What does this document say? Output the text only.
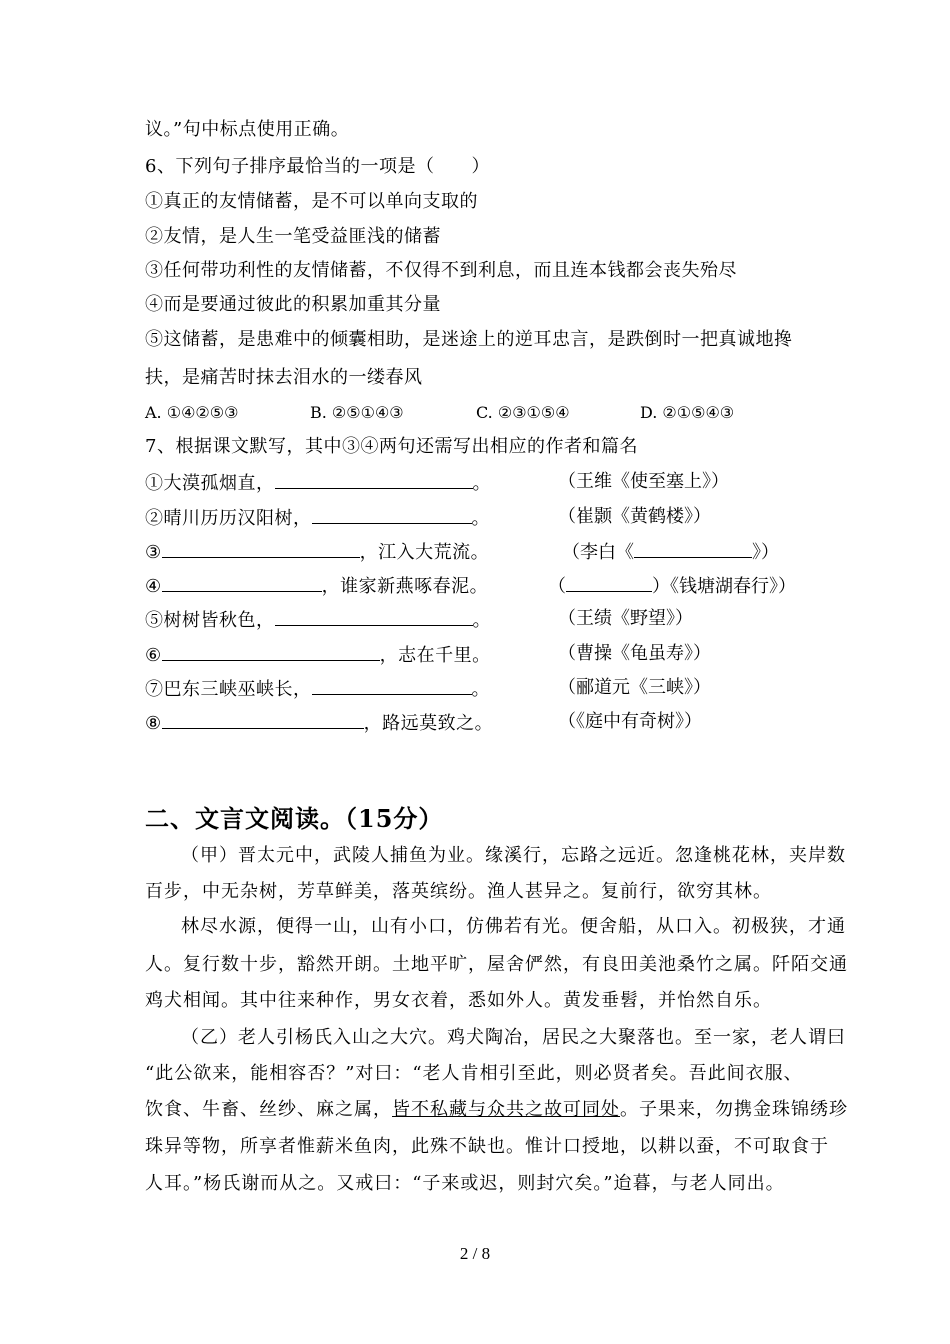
议。”句中标点使用正确。
6、下列句子排序最恰当的一项是（　　）
①真正的友情储蓄，是不可以单向支取的
②友情，是人生一笔受益匪浅的储蓄
③任何带功利性的友情储蓄，不仅得不到利息，而且连本钱都会丧失殆尽
④而是要通过彼此的积累加重其分量
⑤这储蓄，是患难中的倾囊相助，是迷途上的逆耳忠言，是跌倒时一把真诚地搀
扶，是痛苦时抹去泪水的一缕春风
A. ①④②⑤③	B. ②⑤①④③	C. ②③①⑤④	D. ②①⑤④③
7、根据课文默写，其中③④两句还需写出相应的作者和篇名
①大漠孤烟直，	。	（王维《使至塞上》）
②晴川历历汉阳树，	。	（崔颢《黄鹤楼》）
③	，江入大荒流。	（李白《	》）
④	，谁家新燕啄春泥。	（	）《钱塘湖春行》）
⑤树树皆秋色，	。	（王绩《野望》）
⑥	，志在千里。	（曹操《龟虽寿》）
⑦巴东三峡巫峡长，	。	（郦道元《三峡》）
⑧	，路远莫致之。	（《庭中有奇树》）
二、文言文阅读。（15分）
（甲）晋太元中，武陵人捕鱼为业。缘溪行，忘路之远近。忽逢桃花林，夹岸数
百步，中无杂树，芳草鲜美，落英缤纷。渔人甚异之。复前行，欲穷其林。
林尽水源，便得一山，山有小口，仿佛若有光。便舍船，从口入。初极狭，才通
人。复行数十步，豁然开朗。土地平旷，屋舍俨然，有良田美池桑竹之属。阡陌交通
鸡犬相闻。其中往来种作，男女衣着，悉如外人。黄发垂髫，并怡然自乐。
（乙）老人引杨氏入山之大穴。鸡犬陶冶，居民之大聚落也。至一家，老人谓曰
“此公欲来，能相容否？”对曰：“老人肯相引至此，则必贤者矣。吾此间衣服、
饮食、牛畜、丝纱、麻之属，皆不私藏与众共之故可同处。子果来，勿携金珠锦绣珍
珠异等物，所享者惟薪米鱼肉，此殊不缺也。惟计口授地，以耕以蚕，不可取食于
人耳。”杨氏谢而从之。又戒曰：“子来或迟，则封穴矣。”迨暮，与老人同出。
2 / 8
